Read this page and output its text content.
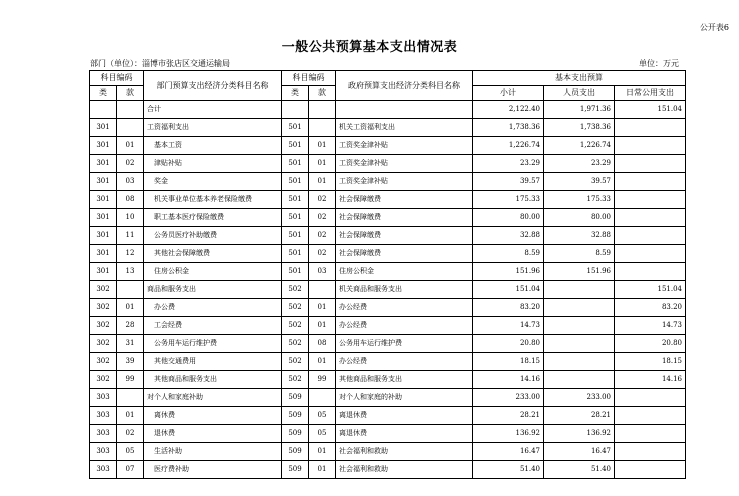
公开表6
一般公共预算基本支出情况表
部门（单位）：淄博市张店区交通运输局	单位：万元
科目编码		部门预算支出经济分类科目名称	科目编码		政府预算支出经济分类科目名称	基本支出预算		
类	款		类	款		小计	人员支出	日常公用支出
		合计				2,122.40	1,971.36	151.04
301		工资福利支出	501		机关工资福利支出	1,738.36	1,738.36	
301	01	基本工资	501	01	工资奖金津补贴	1,226.74	1,226.74	
301	02	津贴补贴	501	01	工资奖金津补贴	23.29	23.29	
301	03	奖金	501	01	工资奖金津补贴	39.57	39.57	
301	08	机关事业单位基本养老保险缴费	501	02	社会保障缴费	175.33	175.33	
301	10	职工基本医疗保险缴费	501	02	社会保障缴费	80.00	80.00	
301	11	公务员医疗补助缴费	501	02	社会保障缴费	32.88	32.88	
301	12	其他社会保障缴费	501	02	社会保障缴费	8.59	8.59	
301	13	住房公积金	501	03	住房公积金	151.96	151.96	
302		商品和服务支出	502		机关商品和服务支出	151.04		151.04
302	01	办公费	502	01	办公经费	83.20		83.20
302	28	工会经费	502	01	办公经费	14.73		14.73
302	31	公务用车运行维护费	502	08	公务用车运行维护费	20.80		20.80
302	39	其他交通费用	502	01	办公经费	18.15		18.15
302	99	其他商品和服务支出	502	99	其他商品和服务支出	14.16		14.16
303		对个人和家庭补助	509		对个人和家庭的补助	233.00	233.00	
303	01	离休费	509	05	离退休费	28.21	28.21	
303	02	退休费	509	05	离退休费	136.92	136.92	
303	05	生活补助	509	01	社会福利和救助	16.47	16.47	
303	07	医疗费补助	509	01	社会福利和救助	51.40	51.40	
